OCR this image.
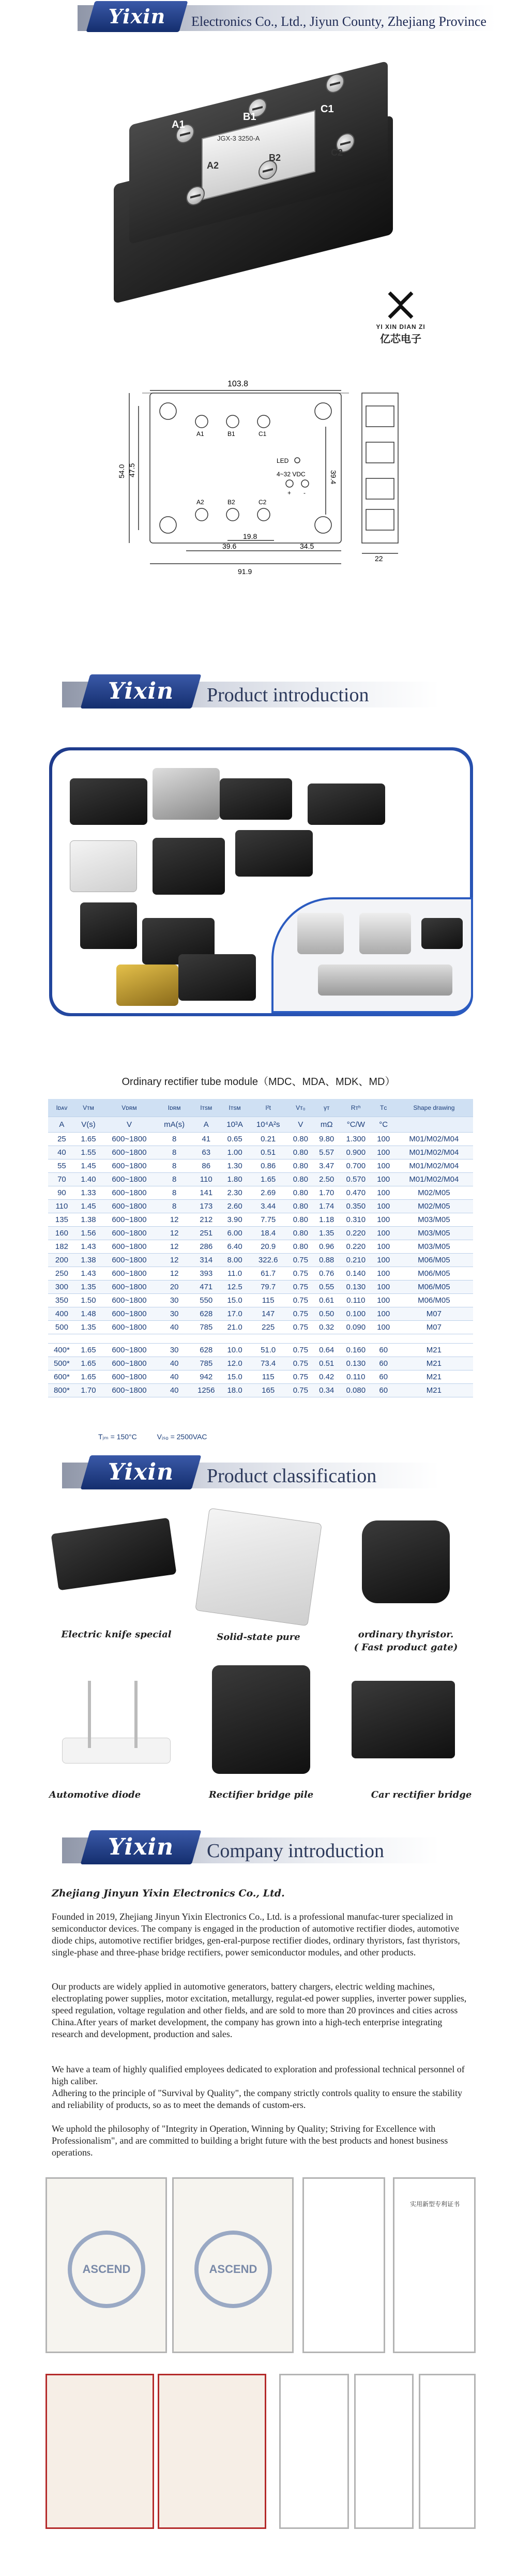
Yixin	Electronics Co., Ltd., Jiyun County, Zhejiang Province
A1
B1
C1
A2
B2	C2
JGX-3 3250-A
YI XIN DIAN ZI
亿芯电子
103.8
54.0 47.5	39.4
19.8
39.6	34.5
91.9
22
A1	B1	C1
A2	B2	C2
LED
4~32 VDC
+ -
Yixin	Product introduction
Ordinary rectifier tube module（MDC、MDA、MDK、MD）
Iᴅᴀᴠ	Vᴛᴍ	Vᴅʀᴍ	Iᴅʀᴍ	Iᴛsᴍ	Iᴛsᴍ	I²t	Vᴛ₀	γᴛ	Rᴛʰ	Tᴄ	Shape drawing
A	V(s)	V	mA(s)	A	10³A	10⁴A²s	V	mΩ	°C/W	°C	
25	1.65	600~1800	8	41	0.65	0.21	0.80	9.80	1.300	100	M01/M02/M04
40	1.55	600~1800	8	63	1.00	0.51	0.80	5.57	0.900	100	M01/M02/M04
55	1.45	600~1800	8	86	1.30	0.86	0.80	3.47	0.700	100	M01/M02/M04
70	1.40	600~1800	8	110	1.80	1.65	0.80	2.50	0.570	100	M01/M02/M04
90	1.33	600~1800	8	141	2.30	2.69	0.80	1.70	0.470	100	M02/M05
110	1.45	600~1800	8	173	2.60	3.44	0.80	1.74	0.350	100	M02/M05
135	1.38	600~1800	12	212	3.90	7.75	0.80	1.18	0.310	100	M03/M05
160	1.56	600~1800	12	251	6.00	18.4	0.80	1.35	0.220	100	M03/M05
182	1.43	600~1800	12	286	6.40	20.9	0.80	0.96	0.220	100	M03/M05
200	1.38	600~1800	12	314	8.00	322.6	0.75	0.88	0.210	100	M06/M05
250	1.43	600~1800	12	393	11.0	61.7	0.75	0.76	0.140	100	M06/M05
300	1.35	600~1800	20	471	12.5	79.7	0.75	0.55	0.130	100	M06/M05
350	1.50	600~1800	30	550	15.0	115	0.75	0.61	0.110	100	M06/M05
400	1.48	600~1800	30	628	17.0	147	0.75	0.50	0.100	100	M07
500	1.35	600~1800	40	785	21.0	225	0.75	0.32	0.090	100	M07

400*	1.65	600~1800	30	628	10.0	51.0	0.75	0.64	0.160	60	M21
500*	1.65	600~1800	40	785	12.0	73.4	0.75	0.51	0.130	60	M21
600*	1.65	600~1800	40	942	15.0	115	0.75	0.42	0.110	60	M21
800*	1.70	600~1800	40	1256	18.0	165	0.75	0.34	0.080	60	M21
Tⱼₘ = 150°C          Vᵢₛₒ = 2500VAC
Yixin	Product classification
Electric knife special	Solid-state pure	ordinary thyristor.
( Fast product gate)
Automotive diode	Rectifier bridge pile	Car rectifier bridge
Yixin	Company introduction
Zhejiang Jinyun Yixin Electronics Co., Ltd.
Founded in 2019, Zhejiang Jinyun Yixin Electronics Co., Ltd. is a professional manufac-turer specialized in semiconductor devices. The company is engaged in the production of automotive rectifier diodes, automotive diode chips, automotive rectifier bridges, gen-eral-purpose rectifier diodes, ordinary thyristors, fast thyristors, single-phase and three-phase bridge rectifiers, power semiconductor modules, and other products.
Our products are widely applied in automotive generators, battery chargers, electric welding machines, electroplating power supplies, motor excitation, metallurgy, regulat-ed power supplies, inverter power supplies, speed regulation, voltage regulation and other fields, and are sold to more than 20 provinces and cities across China.After years of market development, the company has grown into a high-tech enterprise integrating research and development, production and sales.
We have a team of highly qualified employees dedicated to exploration and professional technical personnel of high caliber.
Adhering to the principle of "Survival by Quality", the company strictly controls quality to ensure the stability and reliability of products, so as to meet the demands of custom-ers.
We uphold the philosophy of "Integrity in Operation, Winning by Quality; Striving for Excellence with Professionalism", and are committed to building a bright future with the best products and honest business operations.
ASCEND	ASCEND
实用新型专利证书
